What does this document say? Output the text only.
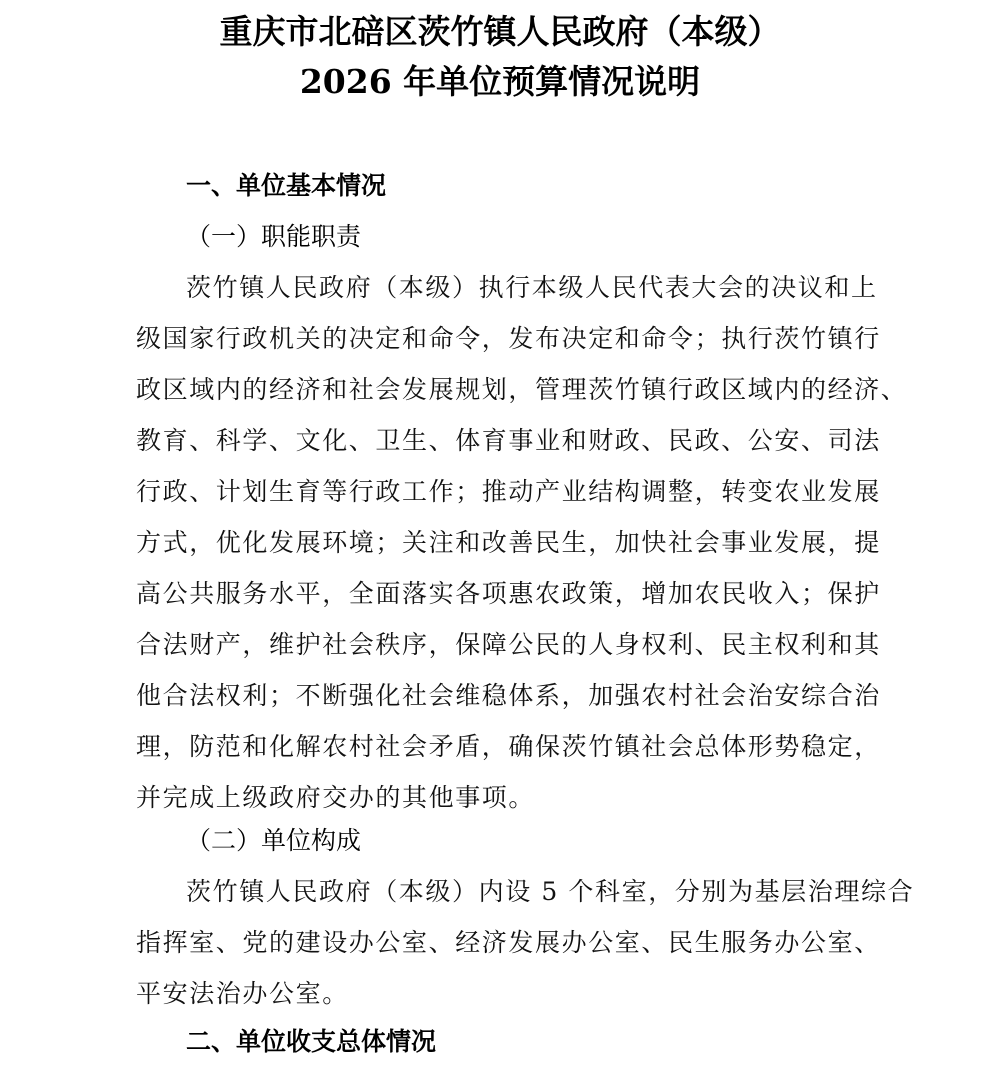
重庆市北碚区茨竹镇人民政府（本级）
2026 年单位预算情况说明
一、单位基本情况
（一）职能职责
茨竹镇人民政府（本级）执行本级人民代表大会的决议和上
级国家行政机关的决定和命令，发布决定和命令；执行茨竹镇行
政区域内的经济和社会发展规划，管理茨竹镇行政区域内的经济、
教育、科学、文化、卫生、体育事业和财政、民政、公安、司法
行政、计划生育等行政工作；推动产业结构调整，转变农业发展
方式，优化发展环境；关注和改善民生，加快社会事业发展，提
高公共服务水平，全面落实各项惠农政策，增加农民收入；保护
合法财产，维护社会秩序，保障公民的人身权利、民主权利和其
他合法权利；不断强化社会维稳体系，加强农村社会治安综合治
理，防范和化解农村社会矛盾，确保茨竹镇社会总体形势稳定，
并完成上级政府交办的其他事项。
（二）单位构成
茨竹镇人民政府（本级）内设 5 个科室，分别为基层治理综合
指挥室、党的建设办公室、经济发展办公室、民生服务办公室、
平安法治办公室。
二、单位收支总体情况
